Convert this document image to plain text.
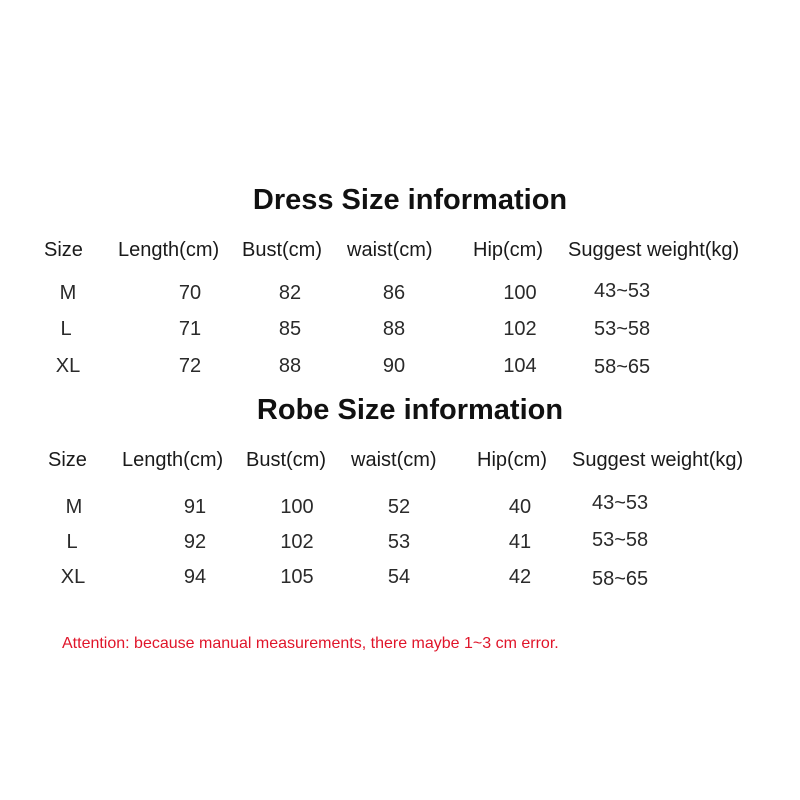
Dress Size information
Size Length(cm) Bust(cm) waist(cm) Hip(cm) Suggest weight(kg)
M	70	82	86	100	43~53
L	71	85	88	102	53~58
XL	72	88	90	104	58~65
Robe Size information
Size Length(cm) Bust(cm) waist(cm) Hip(cm) Suggest weight(kg)
M	91	100	52	40	43~53
L	92	102	53	41	53~58
XL	94	105	54	42	58~65

Attention: because manual measurements, there maybe 1~3 cm error.
